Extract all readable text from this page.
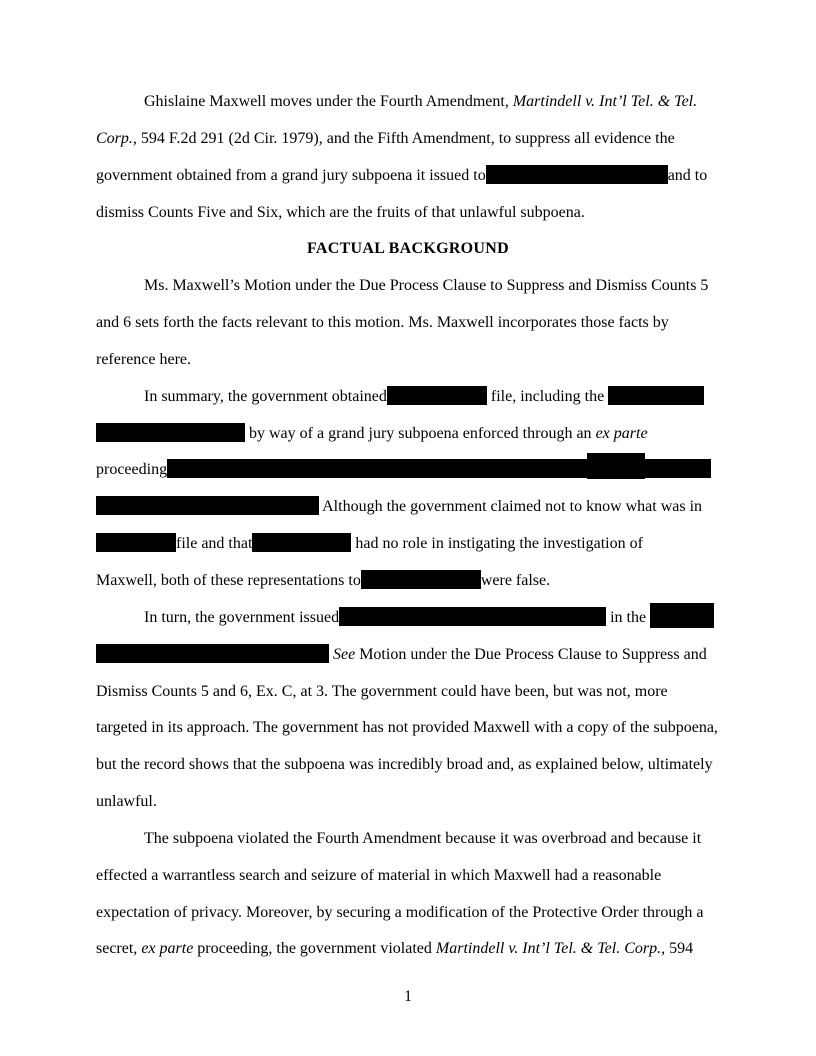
Ghislaine Maxwell moves under the Fourth Amendment, Martindell v. Int’l Tel. & Tel.
Corp., 594 F.2d 291 (2d Cir. 1979), and the Fifth Amendment, to suppress all evidence the
government obtained from a grand jury subpoena it issued to	and to
dismiss Counts Five and Six, which are the fruits of that unlawful subpoena.
FACTUAL BACKGROUND
Ms. Maxwell’s Motion under the Due Process Clause to Suppress and Dismiss Counts 5
and 6 sets forth the facts relevant to this motion. Ms. Maxwell incorporates those facts by
reference here.
In summary, the government obtained	file, including the
by way of a grand jury subpoena enforced through an ex parte
proceeding
Although the government claimed not to know what was in
file and that	had no role in instigating the investigation of
Maxwell, both of these representations to	were false.
In turn, the government issued	in the
See Motion under the Due Process Clause to Suppress and
Dismiss Counts 5 and 6, Ex. C, at 3. The government could have been, but was not, more
targeted in its approach. The government has not provided Maxwell with a copy of the subpoena,
but the record shows that the subpoena was incredibly broad and, as explained below, ultimately
unlawful.
The subpoena violated the Fourth Amendment because it was overbroad and because it
effected a warrantless search and seizure of material in which Maxwell had a reasonable
expectation of privacy. Moreover, by securing a modification of the Protective Order through a
secret, ex parte proceeding, the government violated Martindell v. Int’l Tel. & Tel. Corp., 594
1
